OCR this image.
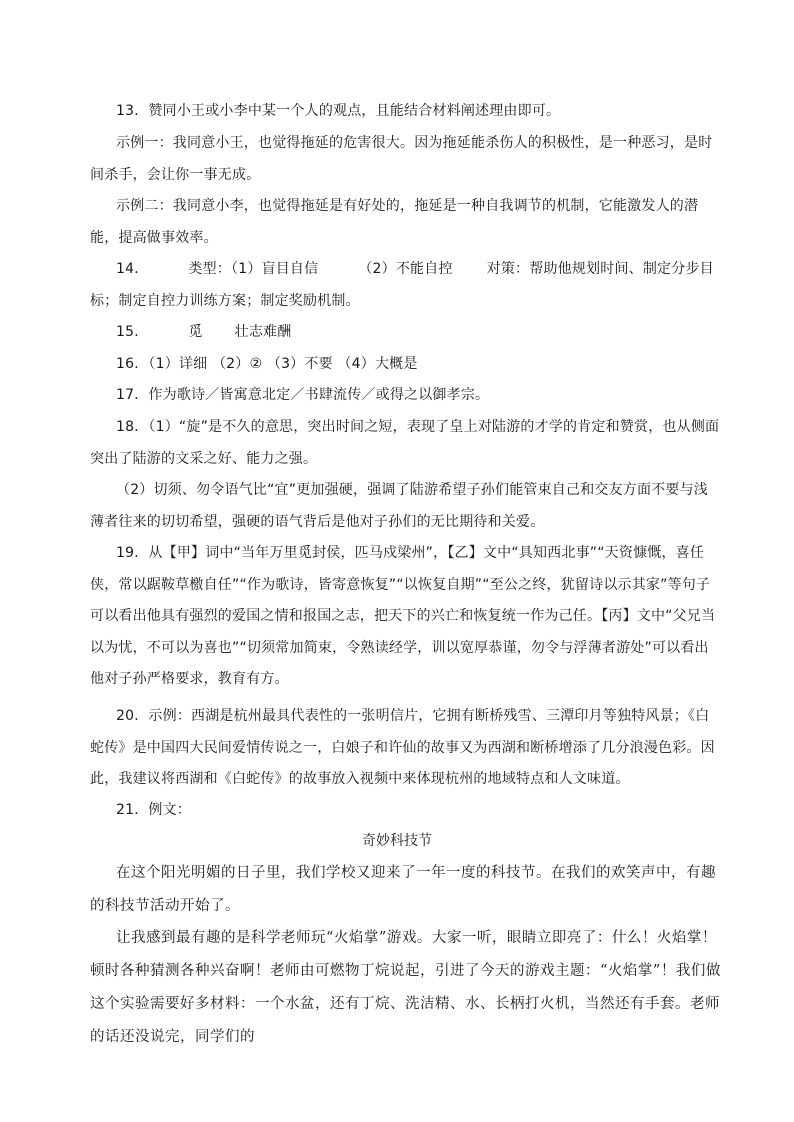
13．赞同小王或小李中某一个人的观点，且能结合材料阐述理由即可。
示例一：我同意小王，也觉得拖延的危害很大。因为拖延能杀伤人的积极性，是一种恶习，是时间杀手，会让你一事无成。
示例二：我同意小李，也觉得拖延是有好处的，拖延是一种自我调节的机制，它能激发人的潜能，提高做事效率。
14．	类型：（1）盲目自信	（2）不能自控 对策：帮助他规划时间、制定分步目标；制定自控力训练方案；制定奖励机制。
15．	觅 壮志难酬
16．（1）详细 （2）② （3）不要 （4）大概是
17．作为歌诗／皆寓意北定／书肆流传／或得之以御孝宗。
18．（1）“旋”是不久的意思，突出时间之短，表现了皇上对陆游的才学的肯定和赞赏，也从侧面突出了陆游的文采之好、能力之强。
（2）切须、勿令语气比“宜”更加强硬，强调了陆游希望子孙们能管束自己和交友方面不要与浅薄者往来的切切希望，强硬的语气背后是他对子孙们的无比期待和关爱。
19．从【甲】词中“当年万里觅封侯，匹马戍梁州”，【乙】文中“具知西北事”“天资慷慨，喜任侠，常以踞鞍草檄自任”“作为歌诗，皆寄意恢复”“以恢复自期”“至公之终，犹留诗以示其家”等句子可以看出他具有强烈的爱国之情和报国之志，把天下的兴亡和恢复统一作为己任。【丙】文中“父兄当以为忧，不可以为喜也”“切须常加简束，令熟读经学，训以宽厚恭谨，勿令与浮薄者游处”可以看出他对子孙严格要求，教育有方。
20．示例：西湖是杭州最具代表性的一张明信片，它拥有断桥残雪、三潭印月等独特风景；《白蛇传》是中国四大民间爱情传说之一，白娘子和许仙的故事又为西湖和断桥增添了几分浪漫色彩。因此，我建议将西湖和《白蛇传》的故事放入视频中来体现杭州的地域特点和人文味道。
21．例文：
奇妙科技节
在这个阳光明媚的日子里，我们学校又迎来了一年一度的科技节。在我们的欢笑声中，有趣的科技节活动开始了。
让我感到最有趣的是科学老师玩“火焰掌”游戏。大家一听，眼睛立即亮了：什么！火焰掌！顿时各种猜测各种兴奋啊！老师由可燃物丁烷说起，引进了今天的游戏主题：“火焰掌”！我们做这个实验需要好多材料：一个水盆，还有丁烷、洗洁精、水、长柄打火机，当然还有手套。老师的话还没说完，同学们的
